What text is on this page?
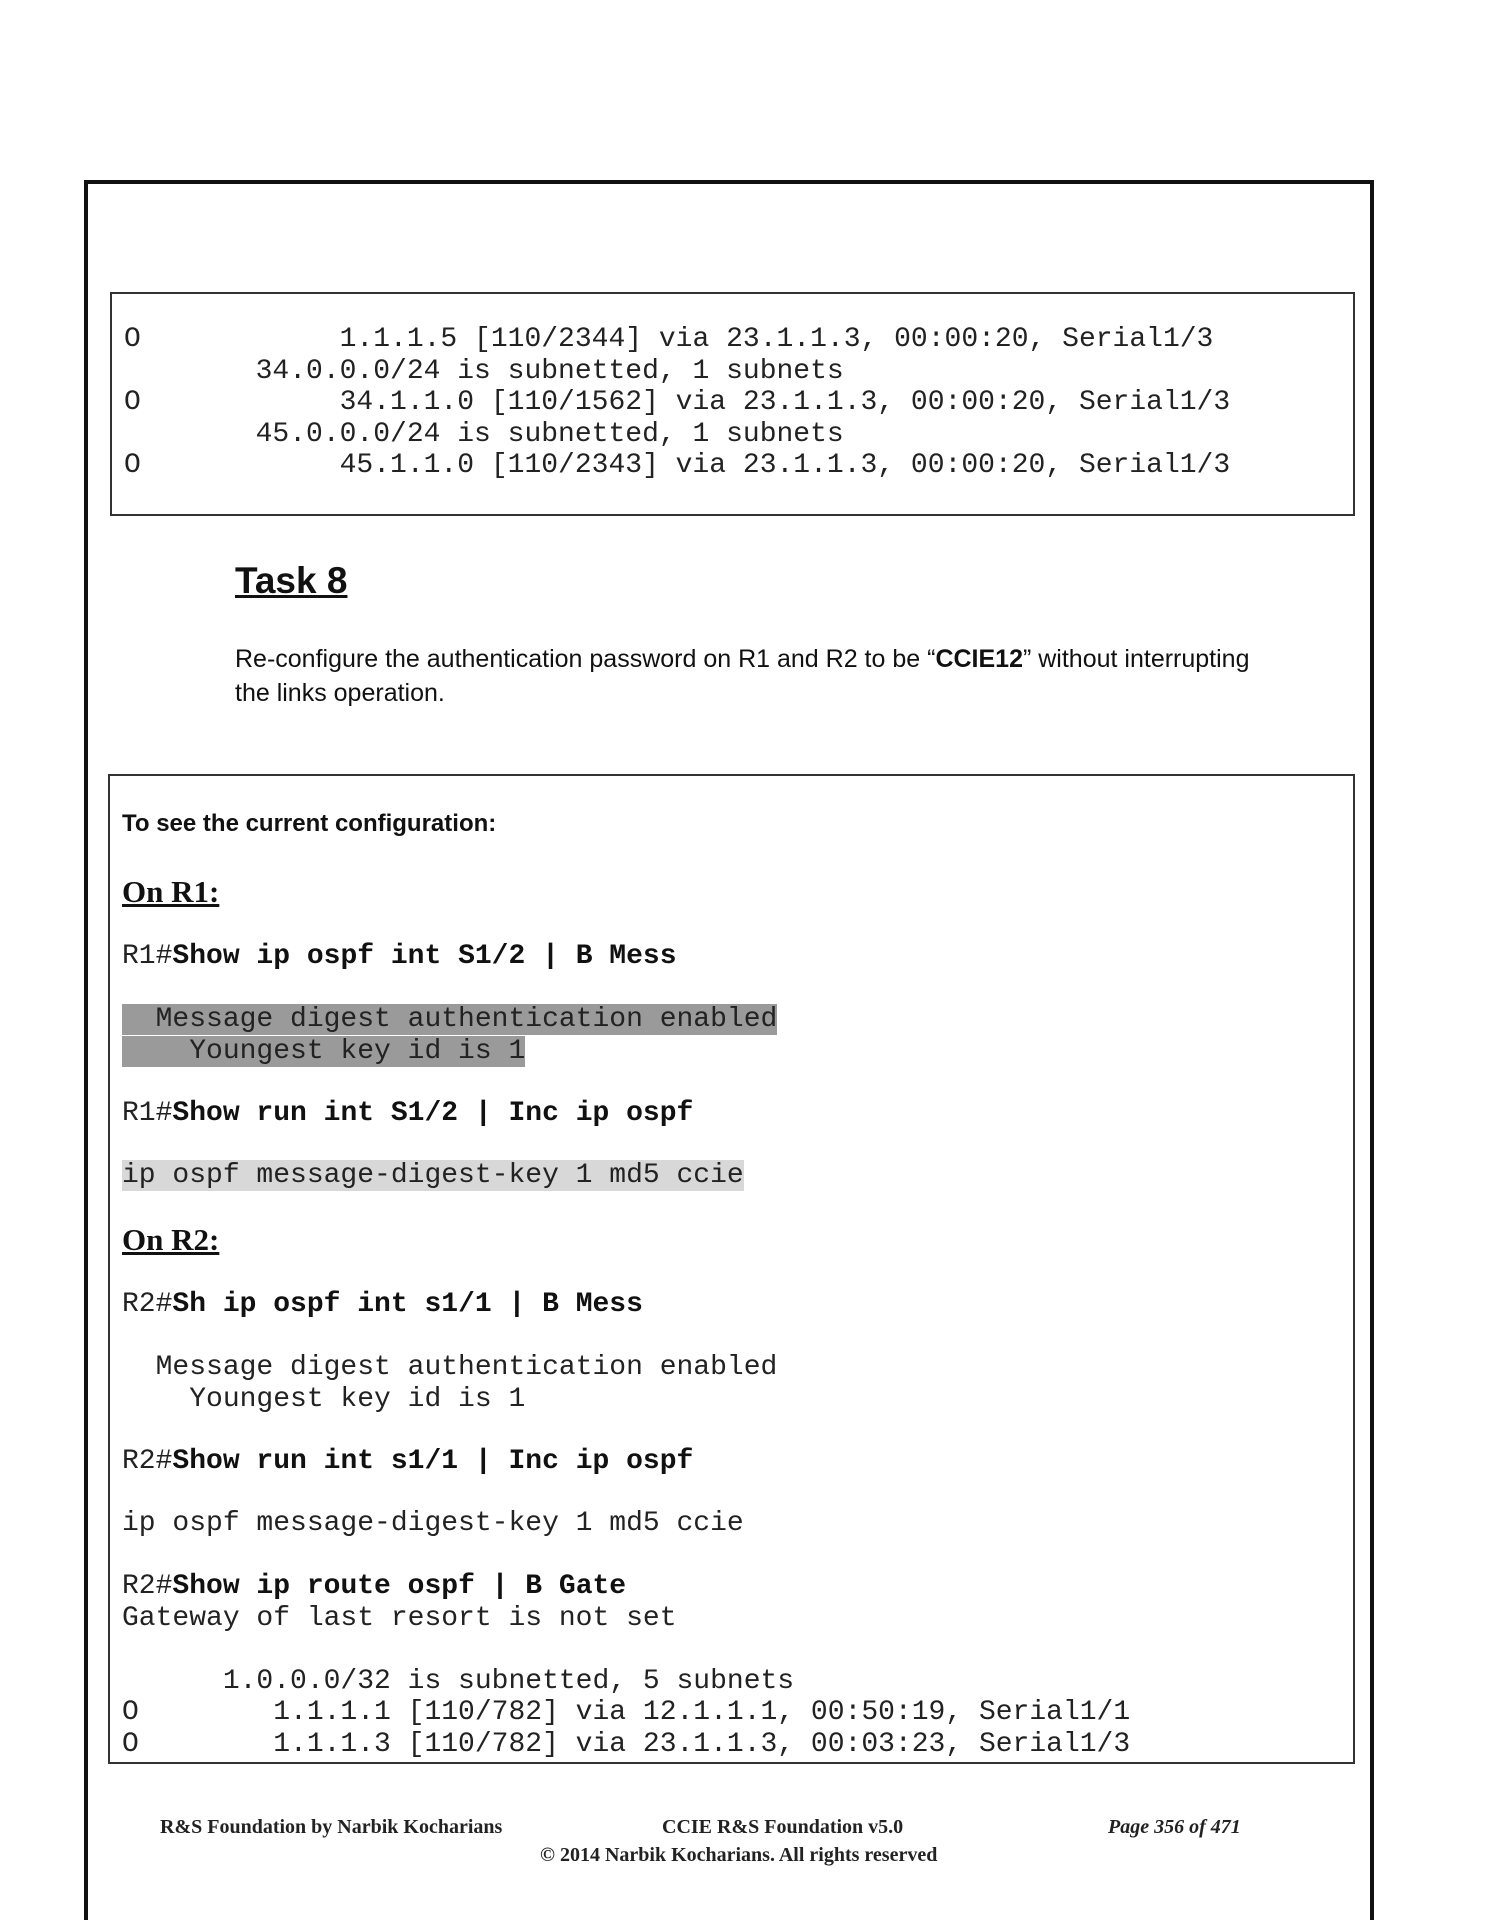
O	1.1.1.5 [110/2344] via 23.1.1.3, 00:00:20, Serial1/3
34.0.0.0/24 is subnetted, 1 subnets
O	34.1.1.0 [110/1562] via 23.1.1.3, 00:00:20, Serial1/3
45.0.0.0/24 is subnetted, 1 subnets
O	45.1.1.0 [110/2343] via 23.1.1.3, 00:00:20, Serial1/3
Task 8
Re-configure the authentication password on R1 and R2 to be “CCIE12” without interrupting the links operation.
To see the current configuration:
On R1:
R1#Show ip ospf int S1/2 | B Mess
Message digest authentication enabled
Youngest key id is 1
R1#Show run int S1/2 | Inc ip ospf
ip ospf message-digest-key 1 md5 ccie
On R2:
R2#Sh ip ospf int s1/1 | B Mess
Message digest authentication enabled
Youngest key id is 1
R2#Show run int s1/1 | Inc ip ospf
ip ospf message-digest-key 1 md5 ccie
R2#Show ip route ospf | B Gate
Gateway of last resort is not set
1.0.0.0/32 is subnetted, 5 subnets
O        1.1.1.1 [110/782] via 12.1.1.1, 00:50:19, Serial1/1
O        1.1.1.3 [110/782] via 23.1.1.3, 00:03:23, Serial1/3
R&S Foundation by Narbik Kocharians	CCIE R&S Foundation v5.0	Page 356 of 471
© 2014 Narbik Kocharians. All rights reserved
